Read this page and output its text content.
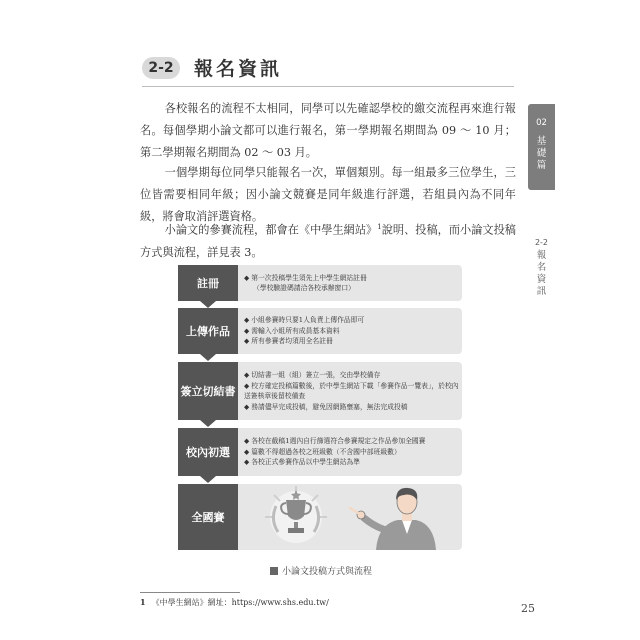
2-2	報名資訊
02
基
礎
篇
2-2
報
名
資
訊
各校報名的流程不太相同，同學可以先確認學校的繳交流程再來進行報名。每個學期小論文都可以進行報名，第一學期報名期間為 09 ～ 10 月；第二學期報名期間為 02 ～ 03 月。
一個學期每位同學只能報名一次，單個類別。每一組最多三位學生，三位皆需要相同年級；因小論文競賽是同年級進行評選，若組員內為不同年級，將會取消評選資格。
小論文的參賽流程，都會在《中學生網站》$^1$說明、投稿，而小論文投稿方式與流程，詳見表 3。
註冊	◆ 第一次投稿學生須先上中學生網站註冊
（學校驗證碼請洽各校承辦窗口）
上傳作品
◆ 小組參賽時只要1人負責上傳作品即可
◆ 需輸入小組所有成員基本資料
◆ 所有參賽者均須用全名註冊
簽立切結書
◆ 切結書一組（組）簽立一張，交由學校備存
◆ 校方確定投稿篇數後，於中學生網站下載「參賽作品一覽表」，於校內送簽核章後留校備查
◆ 務請儘早完成投稿，避免因網路壅塞，無法完成投稿
校內初選
◆ 各校在截稿1週內自行篩選符合參賽規定之作品參加全國賽
◆ 篇數不得超過各校之班級數（不含國中部班級數）
◆ 各校正式參賽作品以中學生網站為準
全國賽
小論文投稿方式與流程
1 《中學生網站》網址：https://www.shs.edu.tw/	25
